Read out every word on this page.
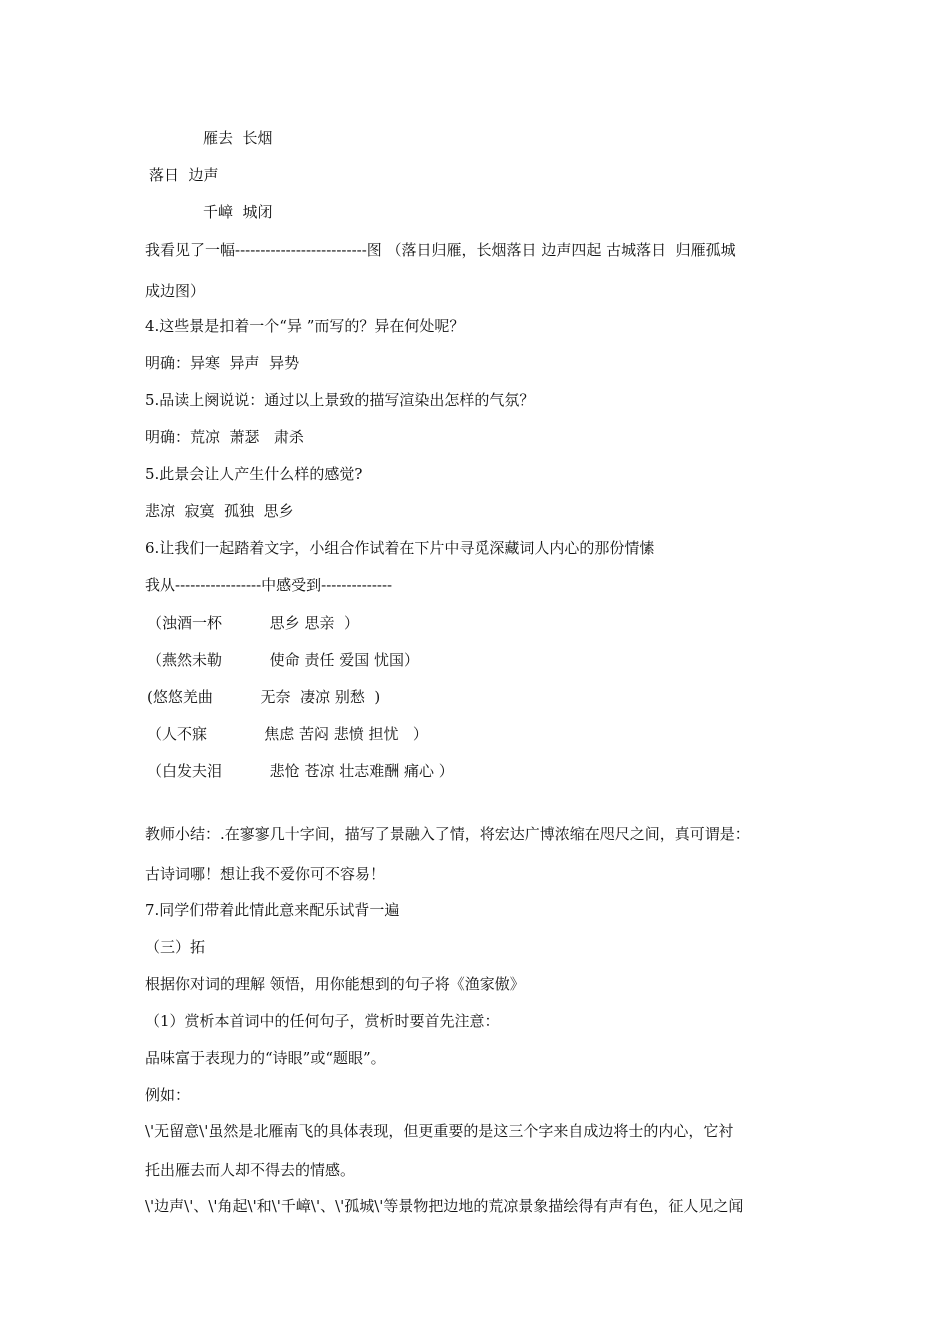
雁去  长烟
落日  边声
千嶂  城闭
我看见了一幅--------------------------图 （落日归雁，长烟落日 边声四起 古城落日  归雁孤城
成边图）
4.这些景是扣着一个“异 ”而写的？异在何处呢？
明确：异寒  异声  异势
5.品读上阕说说：通过以上景致的描写渲染出怎样的气氛？
明确：荒凉  萧瑟   肃杀
5.此景会让人产生什么样的感觉?
悲凉  寂寞  孤独  思乡
6.让我们一起踏着文字，小组合作试着在下片中寻觅深藏词人内心的那份情愫
我从-----------------中感受到--------------
（浊酒一杯          思乡 思亲  ）
（燕然未勒          使命 责任 爱国 忧国）
(悠悠羌曲          无奈  凄凉 别愁  )
（人不寐            焦虑 苦闷 悲愤 担忧   ）
（白发夫泪          悲怆 苍凉 壮志难酬 痛心 ）
教师小结：.在寥寥几十字间，描写了景融入了情，将宏达广博浓缩在咫尺之间，真可谓是：
古诗词哪！想让我不爱你可不容易！
7.同学们带着此情此意来配乐试背一遍
（三）拓
根据你对词的理解 领悟，用你能想到的句子将《渔家傲》
（1）赏析本首词中的任何句子，赏析时要首先注意：
品味富于表现力的“诗眼”或“题眼”。
例如：
\'无留意\'虽然是北雁南飞的具体表现，但更重要的是这三个字来自成边将士的内心，它衬
托出雁去而人却不得去的情感。
\'边声\'、\'角起\'和\'千嶂\'、\'孤城\'等景物把边地的荒凉景象描绘得有声有色，征人见之闻
